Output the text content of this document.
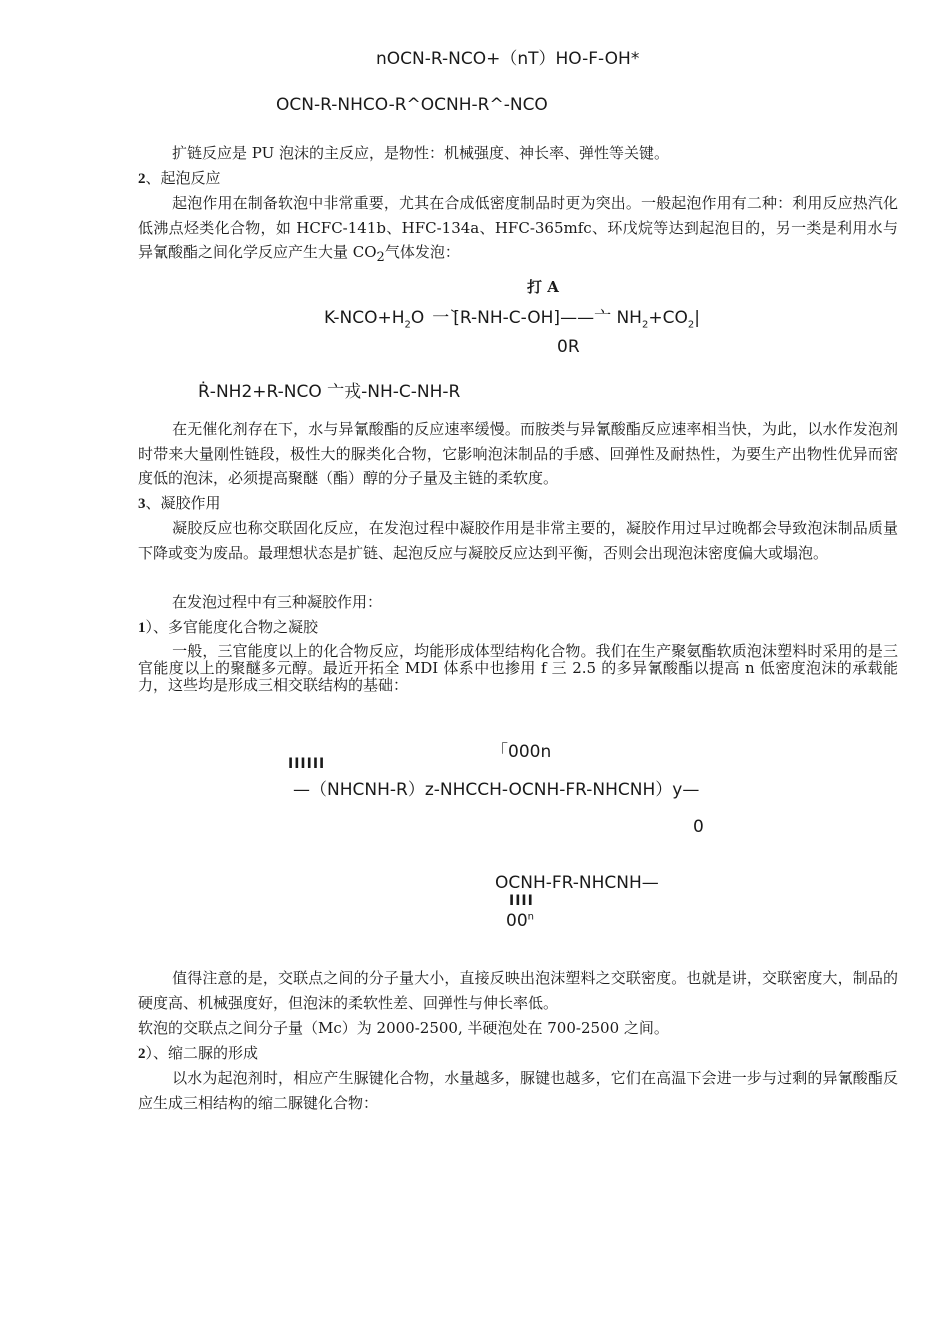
nOCN-R-NCO+（nT）HO-F-OH*
OCN-R-NHCO-R^OCNH-R^-NCO
扩链反应是 PU 泡沫的主反应，是物性：机械强度、神长率、弹性等关键。
2、起泡反应
起泡作用在制备软泡中非常重要，尤其在合成低密度制品时更为突出。一般起泡作用有二种：利用反应热汽化低沸点烃类化合物，如 HCFC-141b、HFC-134a、HFC-365mfc、环戊烷等达到起泡目的，另一类是利用水与异氰酸酯之间化学反应产生大量 $CO_2$气体发泡：
打 A
$K-NCO+H_2O$ 一̀ [R-NH-C-OH]——亠 $NH_2+CO_2|$
0R
Ṙ-NH2+R-NCO 亠戎-NH-C-NH-R
在无催化剂存在下，水与异氰酸酯的反应速率缓慢。而胺类与异氰酸酯反应速率相当快，为此，以水作发泡剂时带来大量刚性链段，极性大的脲类化合物，它影响泡沫制品的手感、回弹性及耐热性，为要生产出物性优异而密度低的泡沫，必须提高聚醚（酯）醇的分子量及主链的柔软度。
3、凝胶作用
凝胶反应也称交联固化反应，在发泡过程中凝胶作用是非常主要的，凝胶作用过早过晚都会导致泡沫制品质量下降或变为废品。最理想状态是扩链、起泡反应与凝胶反应达到平衡，否则会出现泡沫密度偏大或塌泡。
在发泡过程中有三种凝胶作用：
1）、多官能度化合物之凝胶
一般，三官能度以上的化合物反应，均能形成体型结构化合物。我们在生产聚氨酯软质泡沫塑料时采用的是三官能度以上的聚醚多元醇。最近开拓全 MDI 体系中也掺用 f 三 2.5 的多异氰酸酯以提高 n 低密度泡沫的承载能力，这些均是形成三相交联结构的基础：
「000n
IIIIII
—（NHCNH-R）z-NHCCH-OCNH-FR-NHCNH）y—
0
OCNH-FR-NHCNH—
IIII
00$^n$
值得注意的是，交联点之间的分子量大小，直接反映出泡沫塑料之交联密度。也就是讲，交联密度大，制品的硬度高、机械强度好，但泡沫的柔软性差、回弹性与伸长率低。
软泡的交联点之间分子量（Mc）为 2000-2500, 半硬泡处在 700-2500 之间。
2）、缩二脲的形成
以水为起泡剂时，相应产生脲键化合物，水量越多，脲键也越多，它们在高温下会进一步与过剩的异氰酸酯反应生成三相结构的缩二脲键化合物：
